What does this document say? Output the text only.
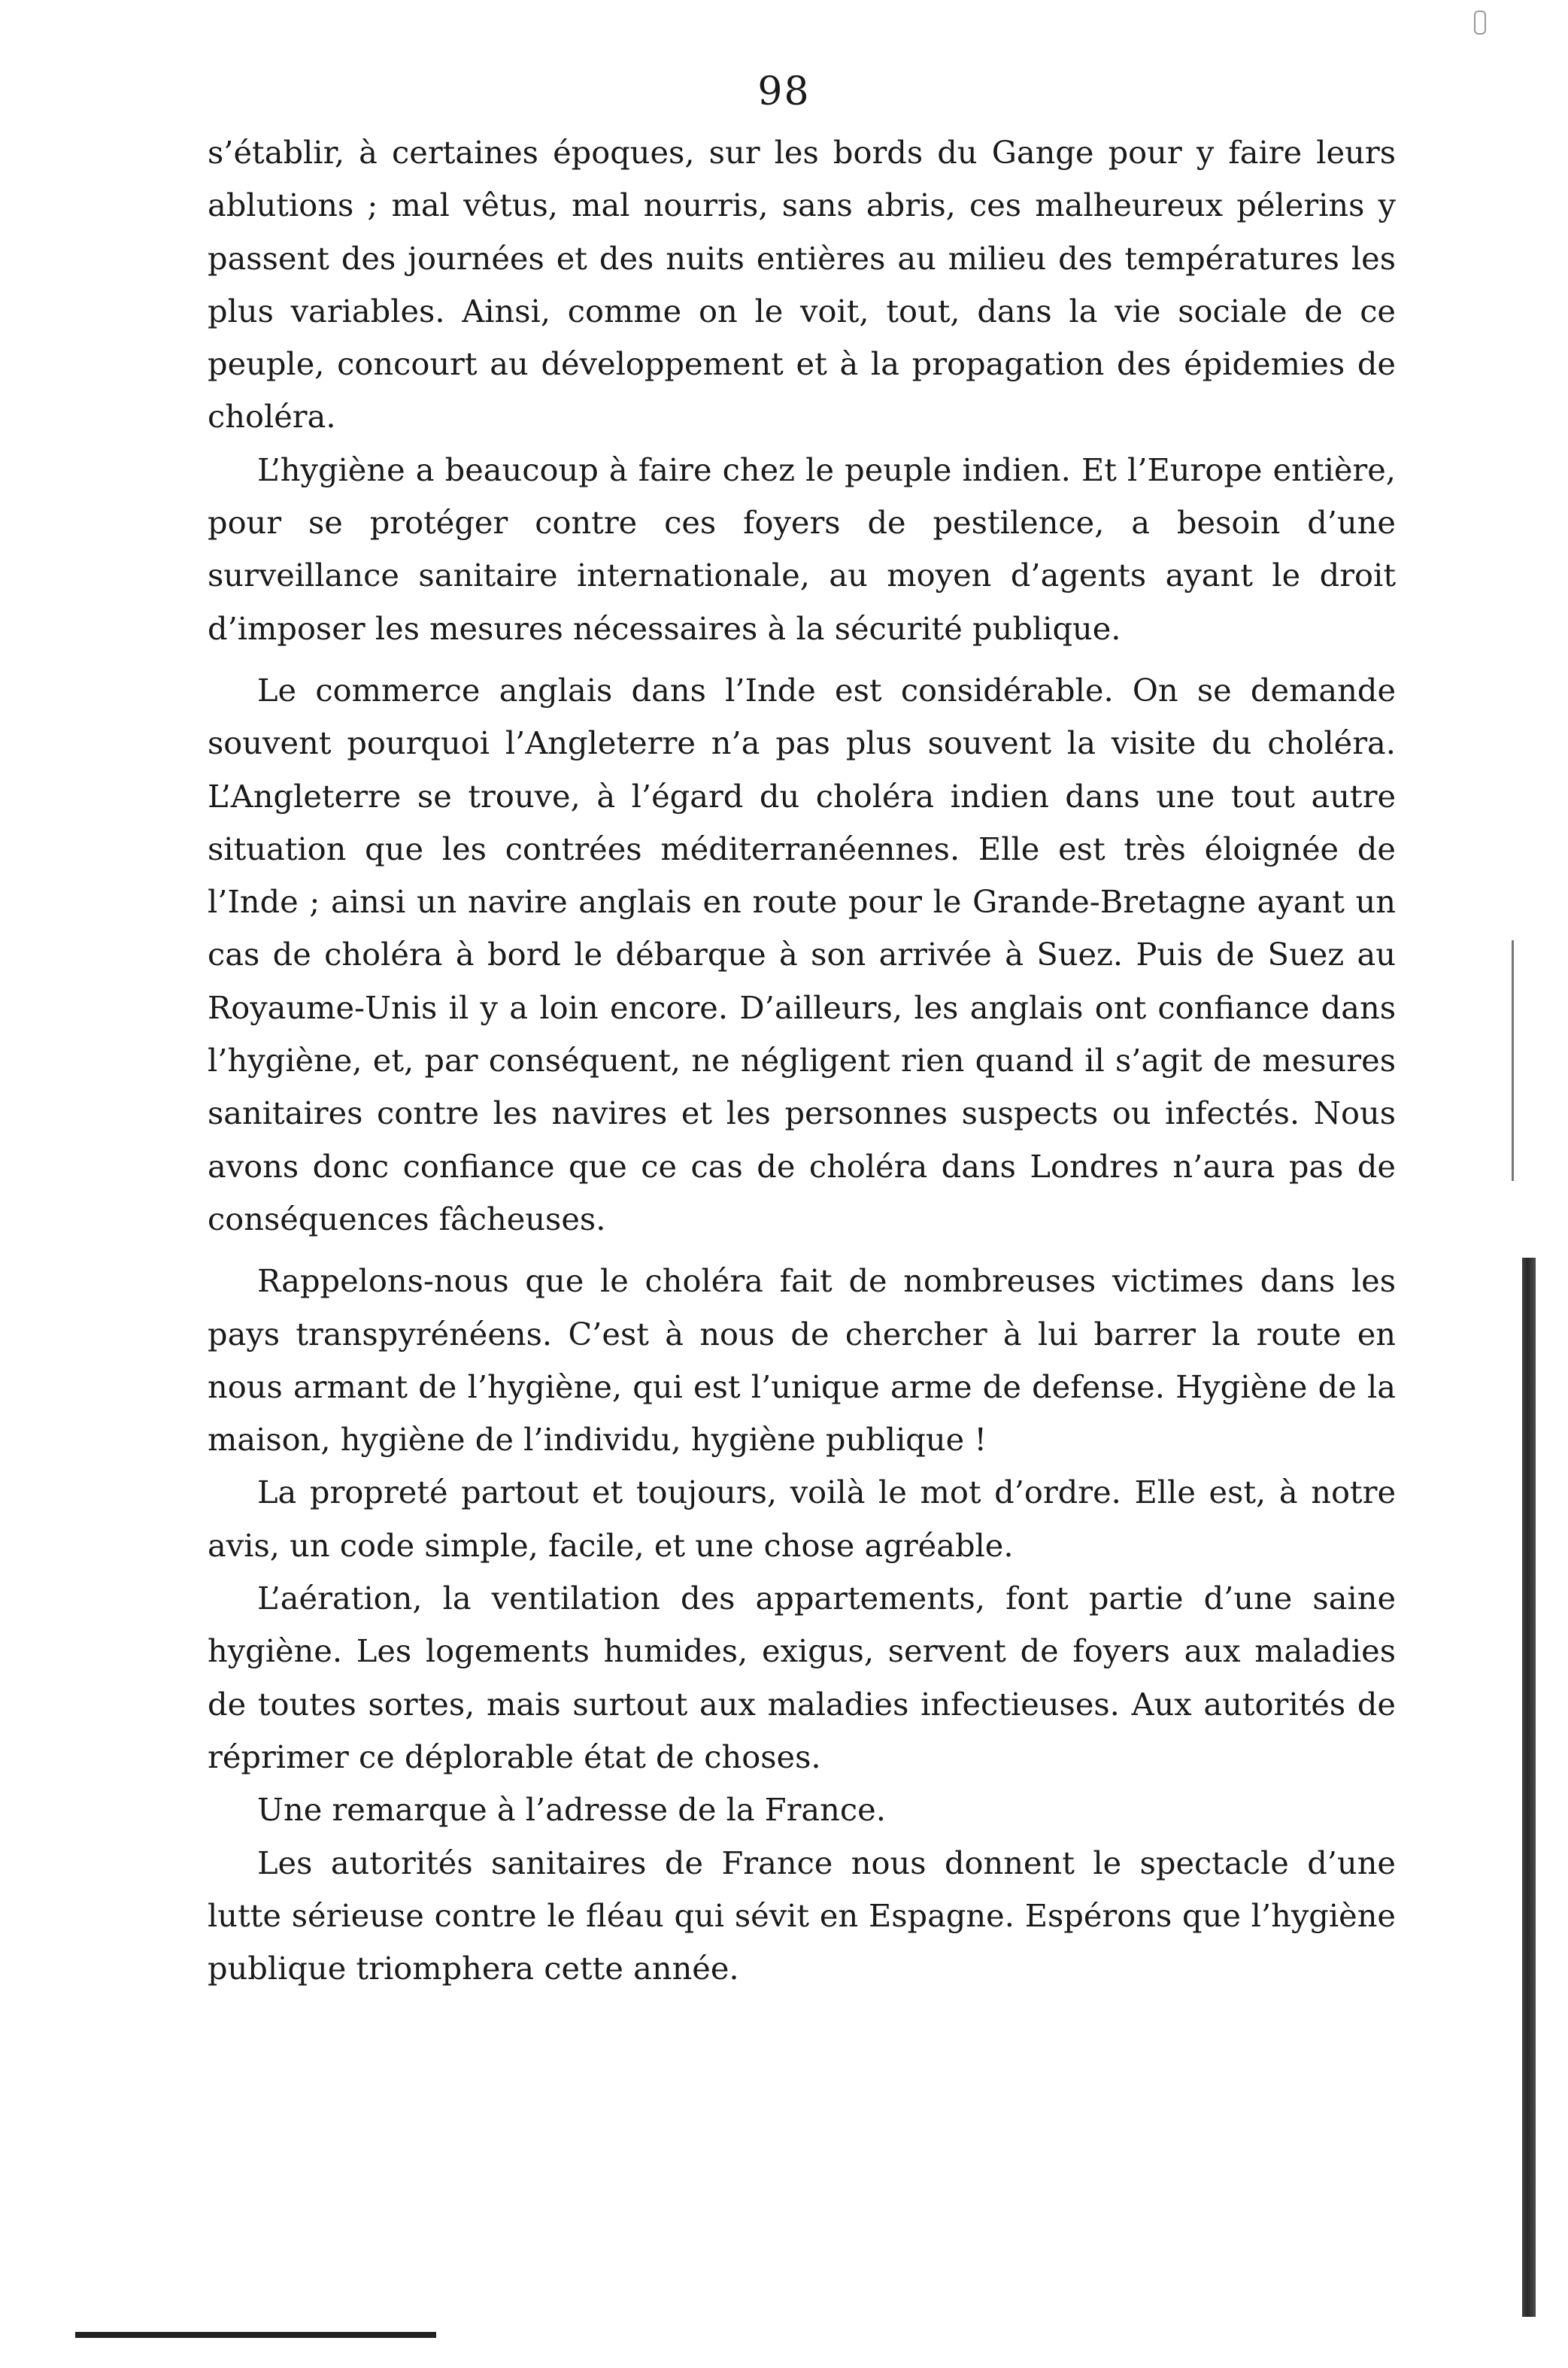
98

s’établir, à certaines époques, sur les bords du Gange pour y faire leurs ablutions ; mal vêtus, mal nourris, sans abris, ces malheureux pélerins y passent des journées et des nuits entières au milieu des températures les plus variables. Ainsi, comme on le voit, tout, dans la vie sociale de ce peuple, concourt au développement et à la propagation des épidemies de choléra.

L’hygiène a beaucoup à faire chez le peuple indien. Et l’Europe entière, pour se protéger contre ces foyers de pestilence, a besoin d’une surveillance sanitaire internationale, au moyen d’agents ayant le droit d’imposer les mesures nécessaires à la sécurité publique.

Le commerce anglais dans l’Inde est considérable. On se demande souvent pourquoi l’Angleterre n’a pas plus souvent la visite du choléra. L’Angleterre se trouve, à l’égard du choléra indien dans une tout autre situation que les contrées méditerranéennes. Elle est très éloignée de l’Inde ; ainsi un navire anglais en route pour le Grande-Bretagne ayant un cas de choléra à bord le débarque à son arrivée à Suez. Puis de Suez au Royaume-Unis il y a loin encore. D’ailleurs, les anglais ont confiance dans l’hygiène, et, par conséquent, ne négligent rien quand il s’agit de mesures sanitaires contre les navires et les personnes suspects ou infectés. Nous avons donc confiance que ce cas de choléra dans Londres n’aura pas de conséquences fâcheuses.

Rappelons-nous que le choléra fait de nombreuses victimes dans les pays transpyrénéens. C’est à nous de chercher à lui barrer la route en nous armant de l’hygiène, qui est l’unique arme de defense. Hygiène de la maison, hygiène de l’individu, hygiène publique !

La propreté partout et toujours, voilà le mot d’ordre. Elle est, à notre avis, un code simple, facile, et une chose agréable.

L’aération, la ventilation des appartements, font partie d’une saine hygiène. Les logements humides, exigus, servent de foyers aux maladies de toutes sortes, mais surtout aux maladies infectieuses. Aux autorités de réprimer ce déplorable état de choses.

Une remarque à l’adresse de la France.

Les autorités sanitaires de France nous donnent le spectacle d’une lutte sérieuse contre le fléau qui sévit en Espagne. Espérons que l’hygiène publique triomphera cette année.
